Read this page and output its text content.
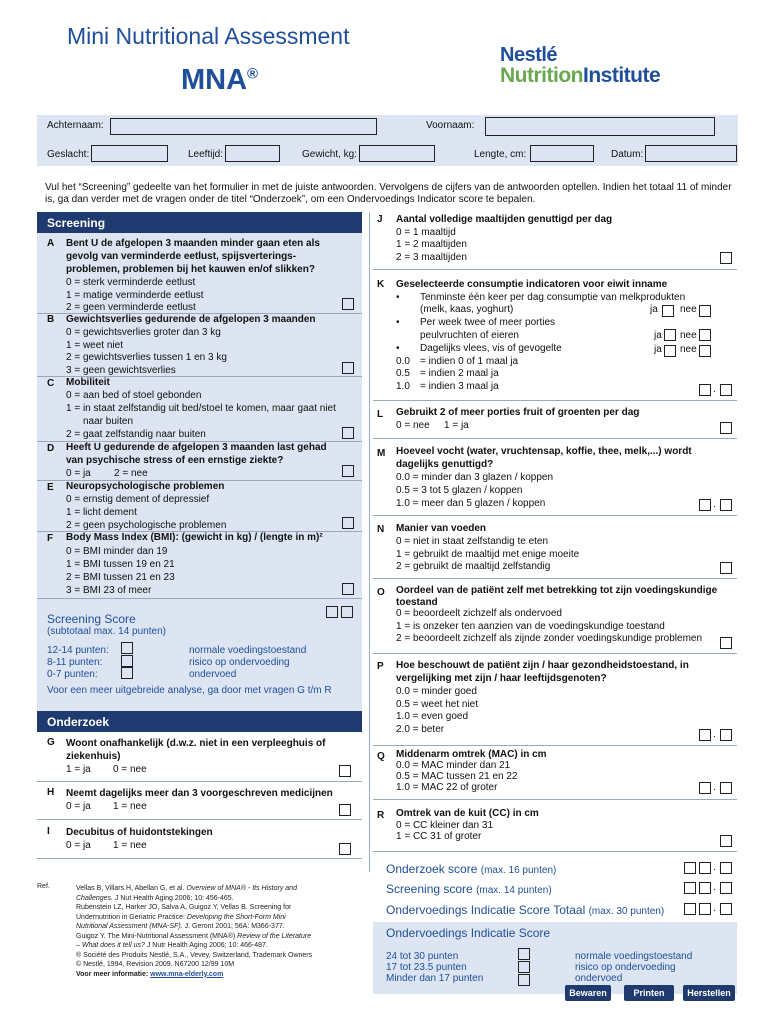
Mini Nutritional Assessment
MNA®
Nestlé
NutritionInstitute
Achternaam:	Voornaam:
Geslacht:	Leeftijd:	Gewicht, kg:	Lengte, cm:	Datum:
Vul het “Screening” gedeelte van het formulier in met de juiste antwoorden. Vervolgens de cijfers van de antwoorden optellen. Indien het totaal 11 of minder is, ga dan verder met de vragen onder de titel “Onderzoek”, om een Ondervoedings Indicator score te bepalen.
Screening
A Bent U de afgelopen 3 maanden minder gaan eten als
gevolg van verminderde eetlust, spijsverterings-
problemen, problemen bij het kauwen en/of slikken?
0 = sterk verminderde eetlust
1 = matige verminderde eetlust
2 = geen verminderde eetlust
B Gewichtsverlies gedurende de afgelopen 3 maanden
0 = gewichtsverlies groter dan 3 kg
1 = weet niet
2 = gewichtsverlies tussen 1 en 3 kg
3 = geen gewichtsverlies
C Mobiliteit
0 = aan bed of stoel gebonden
1 = in staat zelfstandig uit bed/stoel te komen, maar gaat niet
naar buiten
2 = gaat zelfstandig naar buiten
D Heeft U gedurende de afgelopen 3 maanden last gehad
van psychische stress of een ernstige ziekte?
0 = ja 2 = nee
E Neuropsychologische problemen
0 = ernstig dement of depressief
1 = licht dement
2 = geen psychologische problemen
F Body Mass Index (BMI): (gewicht in kg) / (lengte in m)²
0 = BMI minder dan 19
1 = BMI tussen 19 en 21
2 = BMI tussen 21 en 23
3 = BMI 23 of meer
Screening Score
(subtotaal max. 14 punten)
12-14 punten:	normale voedingstoestand
8-11 punten:	risico op ondervoeding
0-7 punten:	ondervoed
Voor een meer uitgebreide analyse, ga door met vragen G t/m R
Onderzoek
G Woont onafhankelijk (d.w.z. niet in een verpleeghuis of
ziekenhuis)
1 = ja 0 = nee
H Neemt dagelijks meer dan 3 voorgeschreven medicijnen
0 = ja 1 = nee
I Decubitus of huidontstekingen
0 = ja 1 = nee
J Aantal volledige maaltijden genuttigd per dag
0 = 1 maaltijd
1 = 2 maaltijden
2 = 3 maaltijden
K Geselecteerde consumptie indicatoren voor eiwit inname
• Tenminste één keer per dag consumptie van melkprodukten
(melk, kaas, yoghurt)	ja nee
• Per week twee of meer porties
peulvruchten of eieren	ja nee
• Dagelijks vlees, vis of gevogelte	ja nee
0.0 = indien 0 of 1 maal ja
0.5 = indien 2 maal ja
1.0 = indien 3 maal ja	.
L Gebruikt 2 of meer porties fruit of groenten per dag
0 = nee 1 = ja
M Hoeveel vocht (water, vruchtensap, koffie, thee, melk,...) wordt
dagelijks genuttigd?
0.0 = minder dan 3 glazen / koppen
0.5 = 3 tot 5 glazen / koppen
1.0 = meer dan 5 glazen / koppen	.
N Manier van voeden
0 = niet in staat zelfstandig te eten
1 = gebruikt de maaltijd met enige moeite
2 = gebruikt de maaltijd zelfstandig
O Oordeel van de patiënt zelf met betrekking tot zijn voedingskundige
toestand
0 = beoordeelt zichzelf als ondervoed
1 = is onzeker ten aanzien van de voedingskundige toestand
2 = beoordeelt zichzelf als zijnde zonder voedingskundige problemen
P Hoe beschouwt de patiënt zijn / haar gezondheidstoestand, in
vergelijking met zijn / haar leeftijdsgenoten?
0.0 = minder goed
0.5 = weet het niet
1.0 = even goed
2.0 = beter	.
Q Middenarm omtrek (MAC) in cm
0.0 = MAC minder dan 21
0.5 = MAC tussen 21 en 22
1.0 = MAC 22 of groter	.
R Omtrek van de kuit (CC) in cm
0 = CC kleiner dan 31
1 = CC 31 of groter
Onderzoek score (max. 16 punten)	.
Screening score (max. 14 punten)	.
Ondervoedings Indicatie Score Totaal (max. 30 punten)	.
Ondervoedings Indicatie Score
24 tot 30 punten	normale voedingstoestand
17 tot 23.5 punten	risico op ondervoeding
Minder dan 17 punten	ondervoed
Bewaren	Printen	Herstellen
Ref.	Vellas B, Villars H, Abellan G, et al. Overview of MNA® - Its History and
Challenges. J Nut Health Aging 2006; 10: 456-465.
Rubenstein LZ, Harker JO, Salva A, Guigoz Y, Vellas B. Screening for
Undernutrition in Geriatric Practice: Developing the Short-Form Mini
Nutritional Assessment (MNA-SF). J. Geront 2001; 56A: M366-377.
Guigoz Y. The Mini-Nutritional Assessment (MNA®) Review of the Literature
– What does it tell us? J Nutr Health Aging 2006; 10: 466-487.
® Société des Produits Nestlé, S.A., Vevey, Switzerland, Trademark Owners
© Nestlé, 1994, Revision 2009. N67200 12/99 10M
Voor meer informatie: www.mna-elderly.com
